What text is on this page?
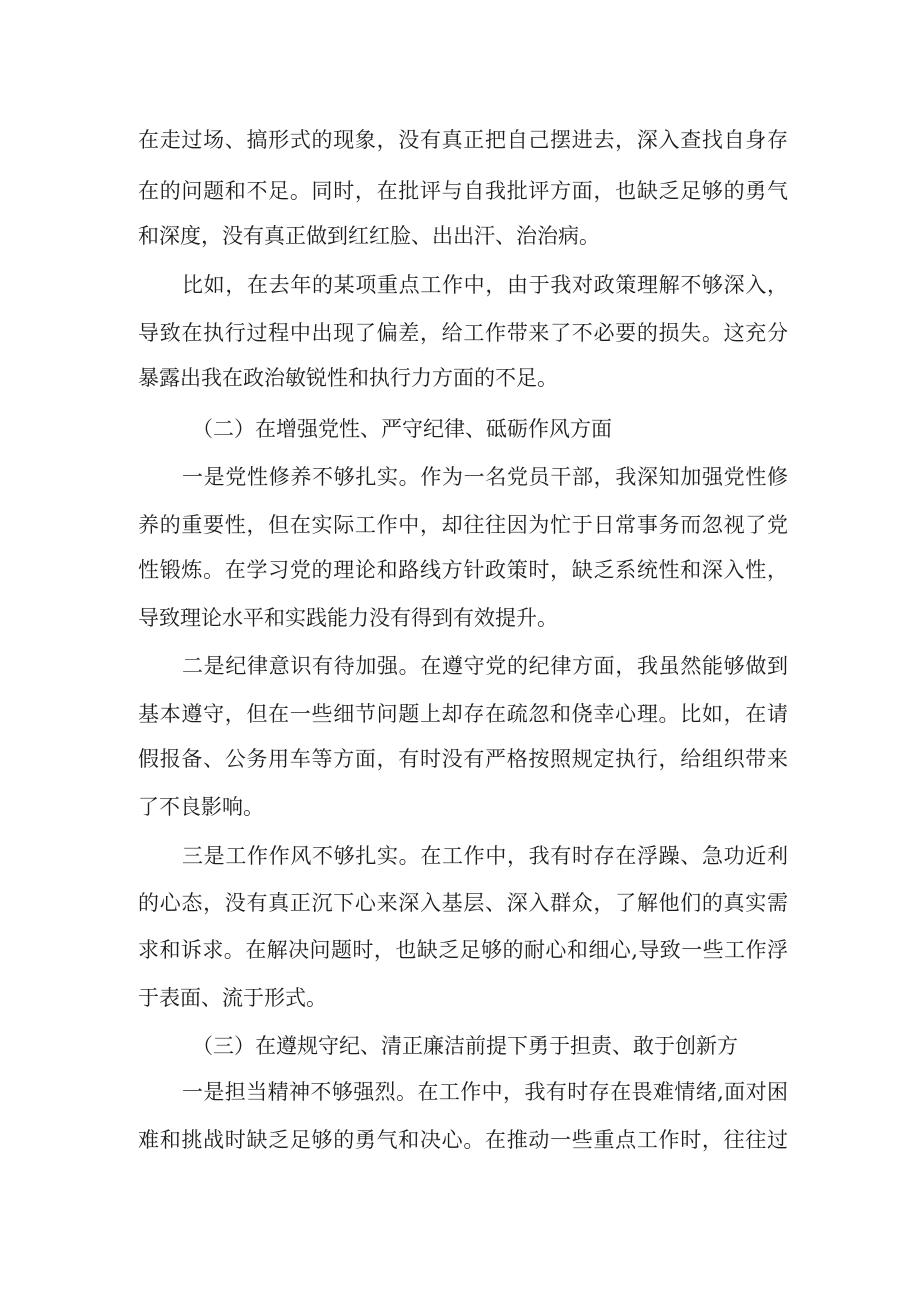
在走过场、搞形式的现象，没有真正把自己摆进去，深入查找自身存

在的问题和不足。同时，在批评与自我批评方面，也缺乏足够的勇气

和深度，没有真正做到红红脸、出出汗、治治病。

比如，在去年的某项重点工作中，由于我对政策理解不够深入，

导致在执行过程中出现了偏差，给工作带来了不必要的损失。这充分

暴露出我在政治敏锐性和执行力方面的不足。

（二）在增强党性、严守纪律、砥砺作风方面

一是党性修养不够扎实。作为一名党员干部，我深知加强党性修

养的重要性，但在实际工作中，却往往因为忙于日常事务而忽视了党

性锻炼。在学习党的理论和路线方针政策时，缺乏系统性和深入性，

导致理论水平和实践能力没有得到有效提升。

二是纪律意识有待加强。在遵守党的纪律方面，我虽然能够做到

基本遵守，但在一些细节问题上却存在疏忽和侥幸心理。比如，在请

假报备、公务用车等方面，有时没有严格按照规定执行，给组织带来

了不良影响。

三是工作作风不够扎实。在工作中，我有时存在浮躁、急功近利

的心态，没有真正沉下心来深入基层、深入群众，了解他们的真实需

求和诉求。在解决问题时，也缺乏足够的耐心和细心,导致一些工作浮

于表面、流于形式。

（三）在遵规守纪、清正廉洁前提下勇于担责、敢于创新方

一是担当精神不够强烈。在工作中，我有时存在畏难情绪,面对困

难和挑战时缺乏足够的勇气和决心。在推动一些重点工作时，往往过
